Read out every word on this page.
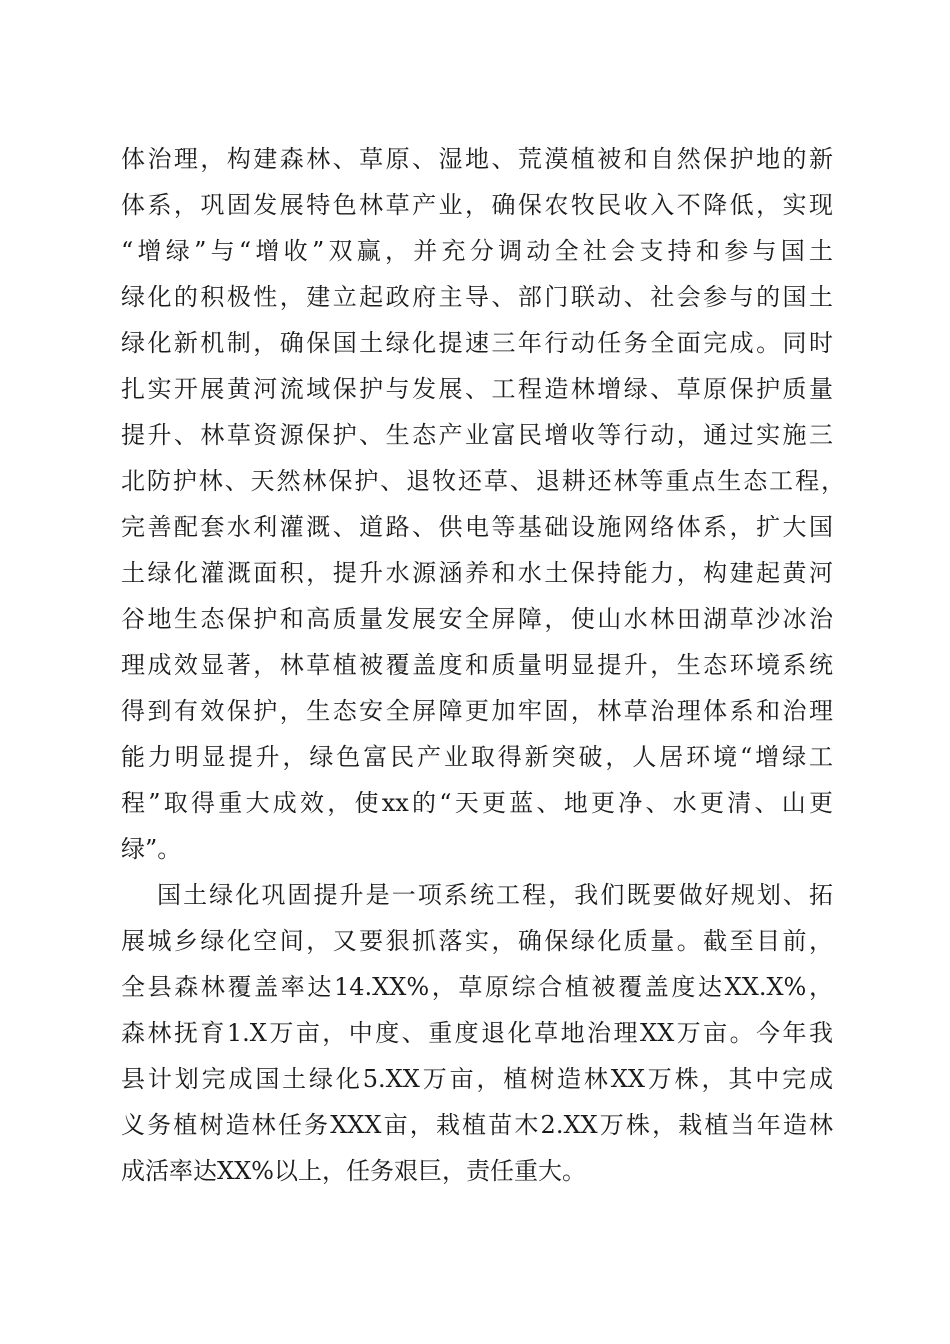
体治理，构建森林、草原、湿地、荒漠植被和自然保护地的新
体系，巩固发展特色林草产业，确保农牧民收入不降低，实现
“增绿”与“增收”双赢，并充分调动全社会支持和参与国土
绿化的积极性，建立起政府主导、部门联动、社会参与的国土
绿化新机制，确保国土绿化提速三年行动任务全面完成。同时
扎实开展黄河流域保护与发展、工程造林增绿、草原保护质量
提升、林草资源保护、生态产业富民增收等行动，通过实施三
北防护林、天然林保护、退牧还草、退耕还林等重点生态工程，
完善配套水利灌溉、道路、供电等基础设施网络体系，扩大国
土绿化灌溉面积，提升水源涵养和水土保持能力，构建起黄河
谷地生态保护和高质量发展安全屏障，使山水林田湖草沙冰治
理成效显著，林草植被覆盖度和质量明显提升，生态环境系统
得到有效保护，生态安全屏障更加牢固，林草治理体系和治理
能力明显提升，绿色富民产业取得新突破，人居环境“增绿工
程”取得重大成效，使xx的“天更蓝、地更净、水更清、山更
绿”。
国土绿化巩固提升是一项系统工程，我们既要做好规划、拓
展城乡绿化空间，又要狠抓落实，确保绿化质量。截至目前，
全县森林覆盖率达14.XX%，草原综合植被覆盖度达XX.X%，
森林抚育1.X万亩，中度、重度退化草地治理XX万亩。今年我
县计划完成国土绿化5.XX万亩，植树造林XX万株，其中完成
义务植树造林任务XXX亩，栽植苗木2.XX万株，栽植当年造林
成活率达XX%以上，任务艰巨，责任重大。
